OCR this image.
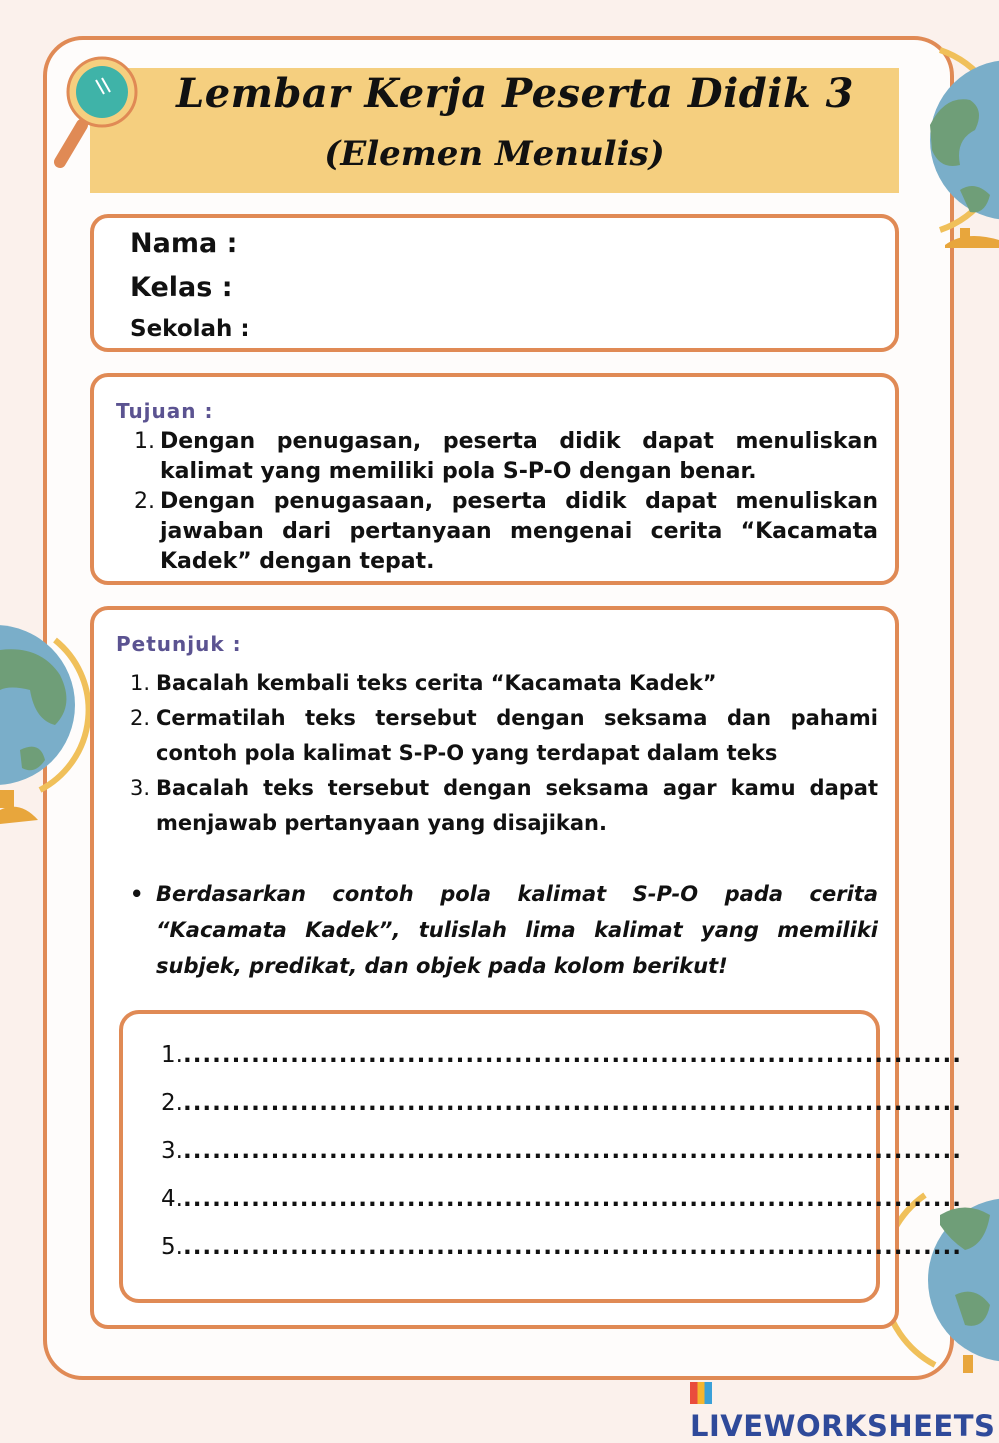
Lembar Kerja Peserta Didik 3
(Elemen Menulis)
Nama :
Kelas :
Sekolah :
Tujuan :
1. Dengan penugasan, peserta didik dapat menuliskan kalimat yang memiliki pola S-P-O dengan benar.
2. Dengan penugasaan, peserta didik dapat menuliskan jawaban dari pertanyaan mengenai cerita “Kacamata Kadek” dengan tepat.
Petunjuk :
1. Bacalah kembali teks cerita “Kacamata Kadek”
2. Cermatilah teks tersebut dengan seksama dan pahami contoh pola kalimat S-P-O yang terdapat dalam teks
3. Bacalah teks tersebut dengan seksama agar kamu dapat menjawab pertanyaan yang disajikan.
• Berdasarkan contoh pola kalimat S-P-O pada cerita “Kacamata Kadek”, tulislah lima kalimat yang memiliki subjek, predikat, dan objek pada kolom berikut!
1.................................................................................
2.................................................................................
3.................................................................................
4.................................................................................
5.................................................................................
LIVEWORKSHEETS
